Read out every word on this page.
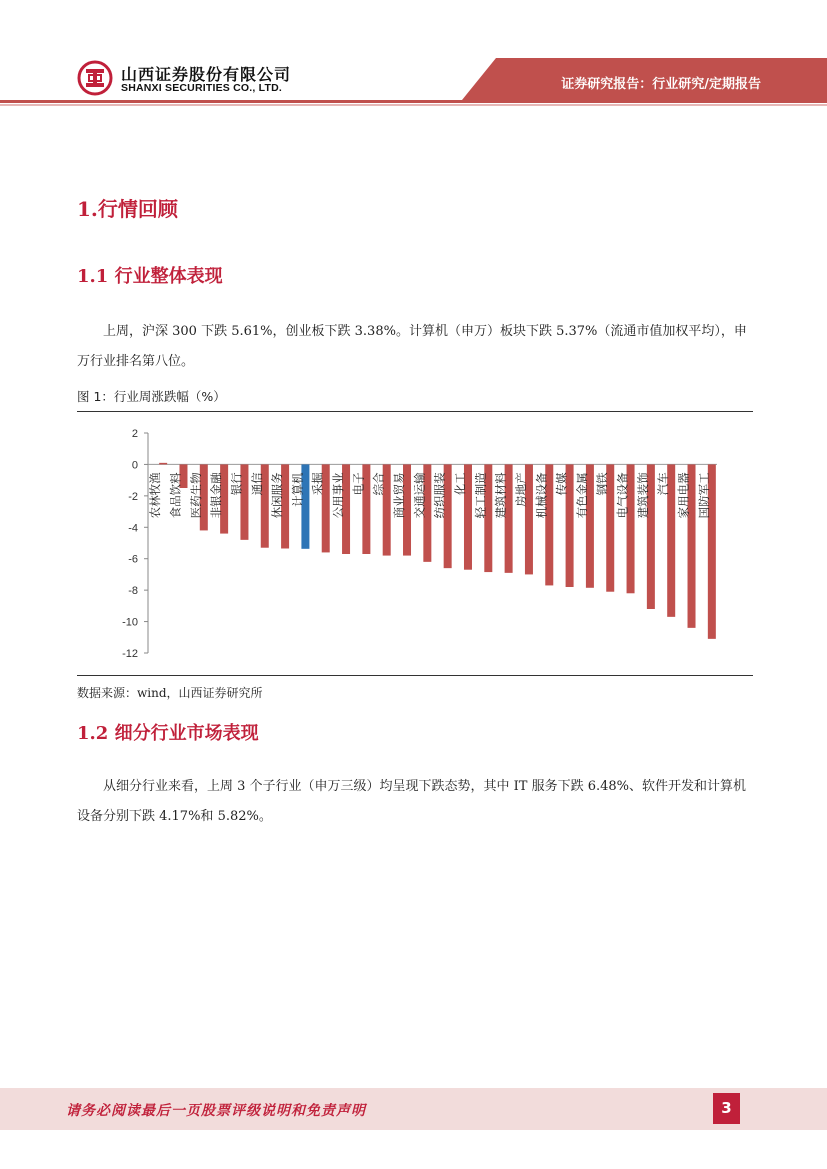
山西证券股份有限公司
SHANXI SECURITIES CO., LTD.	证券研究报告：行业研究/定期报告
1.行情回顾
1.1 行业整体表现
上周，沪深 300 下跌 5.61%，创业板下跌 3.38%。计算机（申万）板块下跌 5.37%（流通市值加权平均），申万行业排名第八位。
图 1：行业周涨跌幅（%）
2
0
-2
-4
-6
-8
-10
-12
农林牧渔 食品饮料 医药生物 非银金融 银行 通信 休闲服务 计算机 采掘 公用事业 电子 综合 商业贸易 交通运输 纺织服装 化工 轻工制造 建筑材料 房地产 机械设备 传媒 有色金属 钢铁 电气设备 建筑装饰 汽车 家用电器 国防军工
数据来源：wind，山西证券研究所
1.2 细分行业市场表现
从细分行业来看，上周 3 个子行业（申万三级）均呈现下跌态势，其中 IT 服务下跌 6.48%、软件开发和计算机设备分别下跌 4.17%和 5.82%。
请务必阅读最后一页股票评级说明和免责声明	3
